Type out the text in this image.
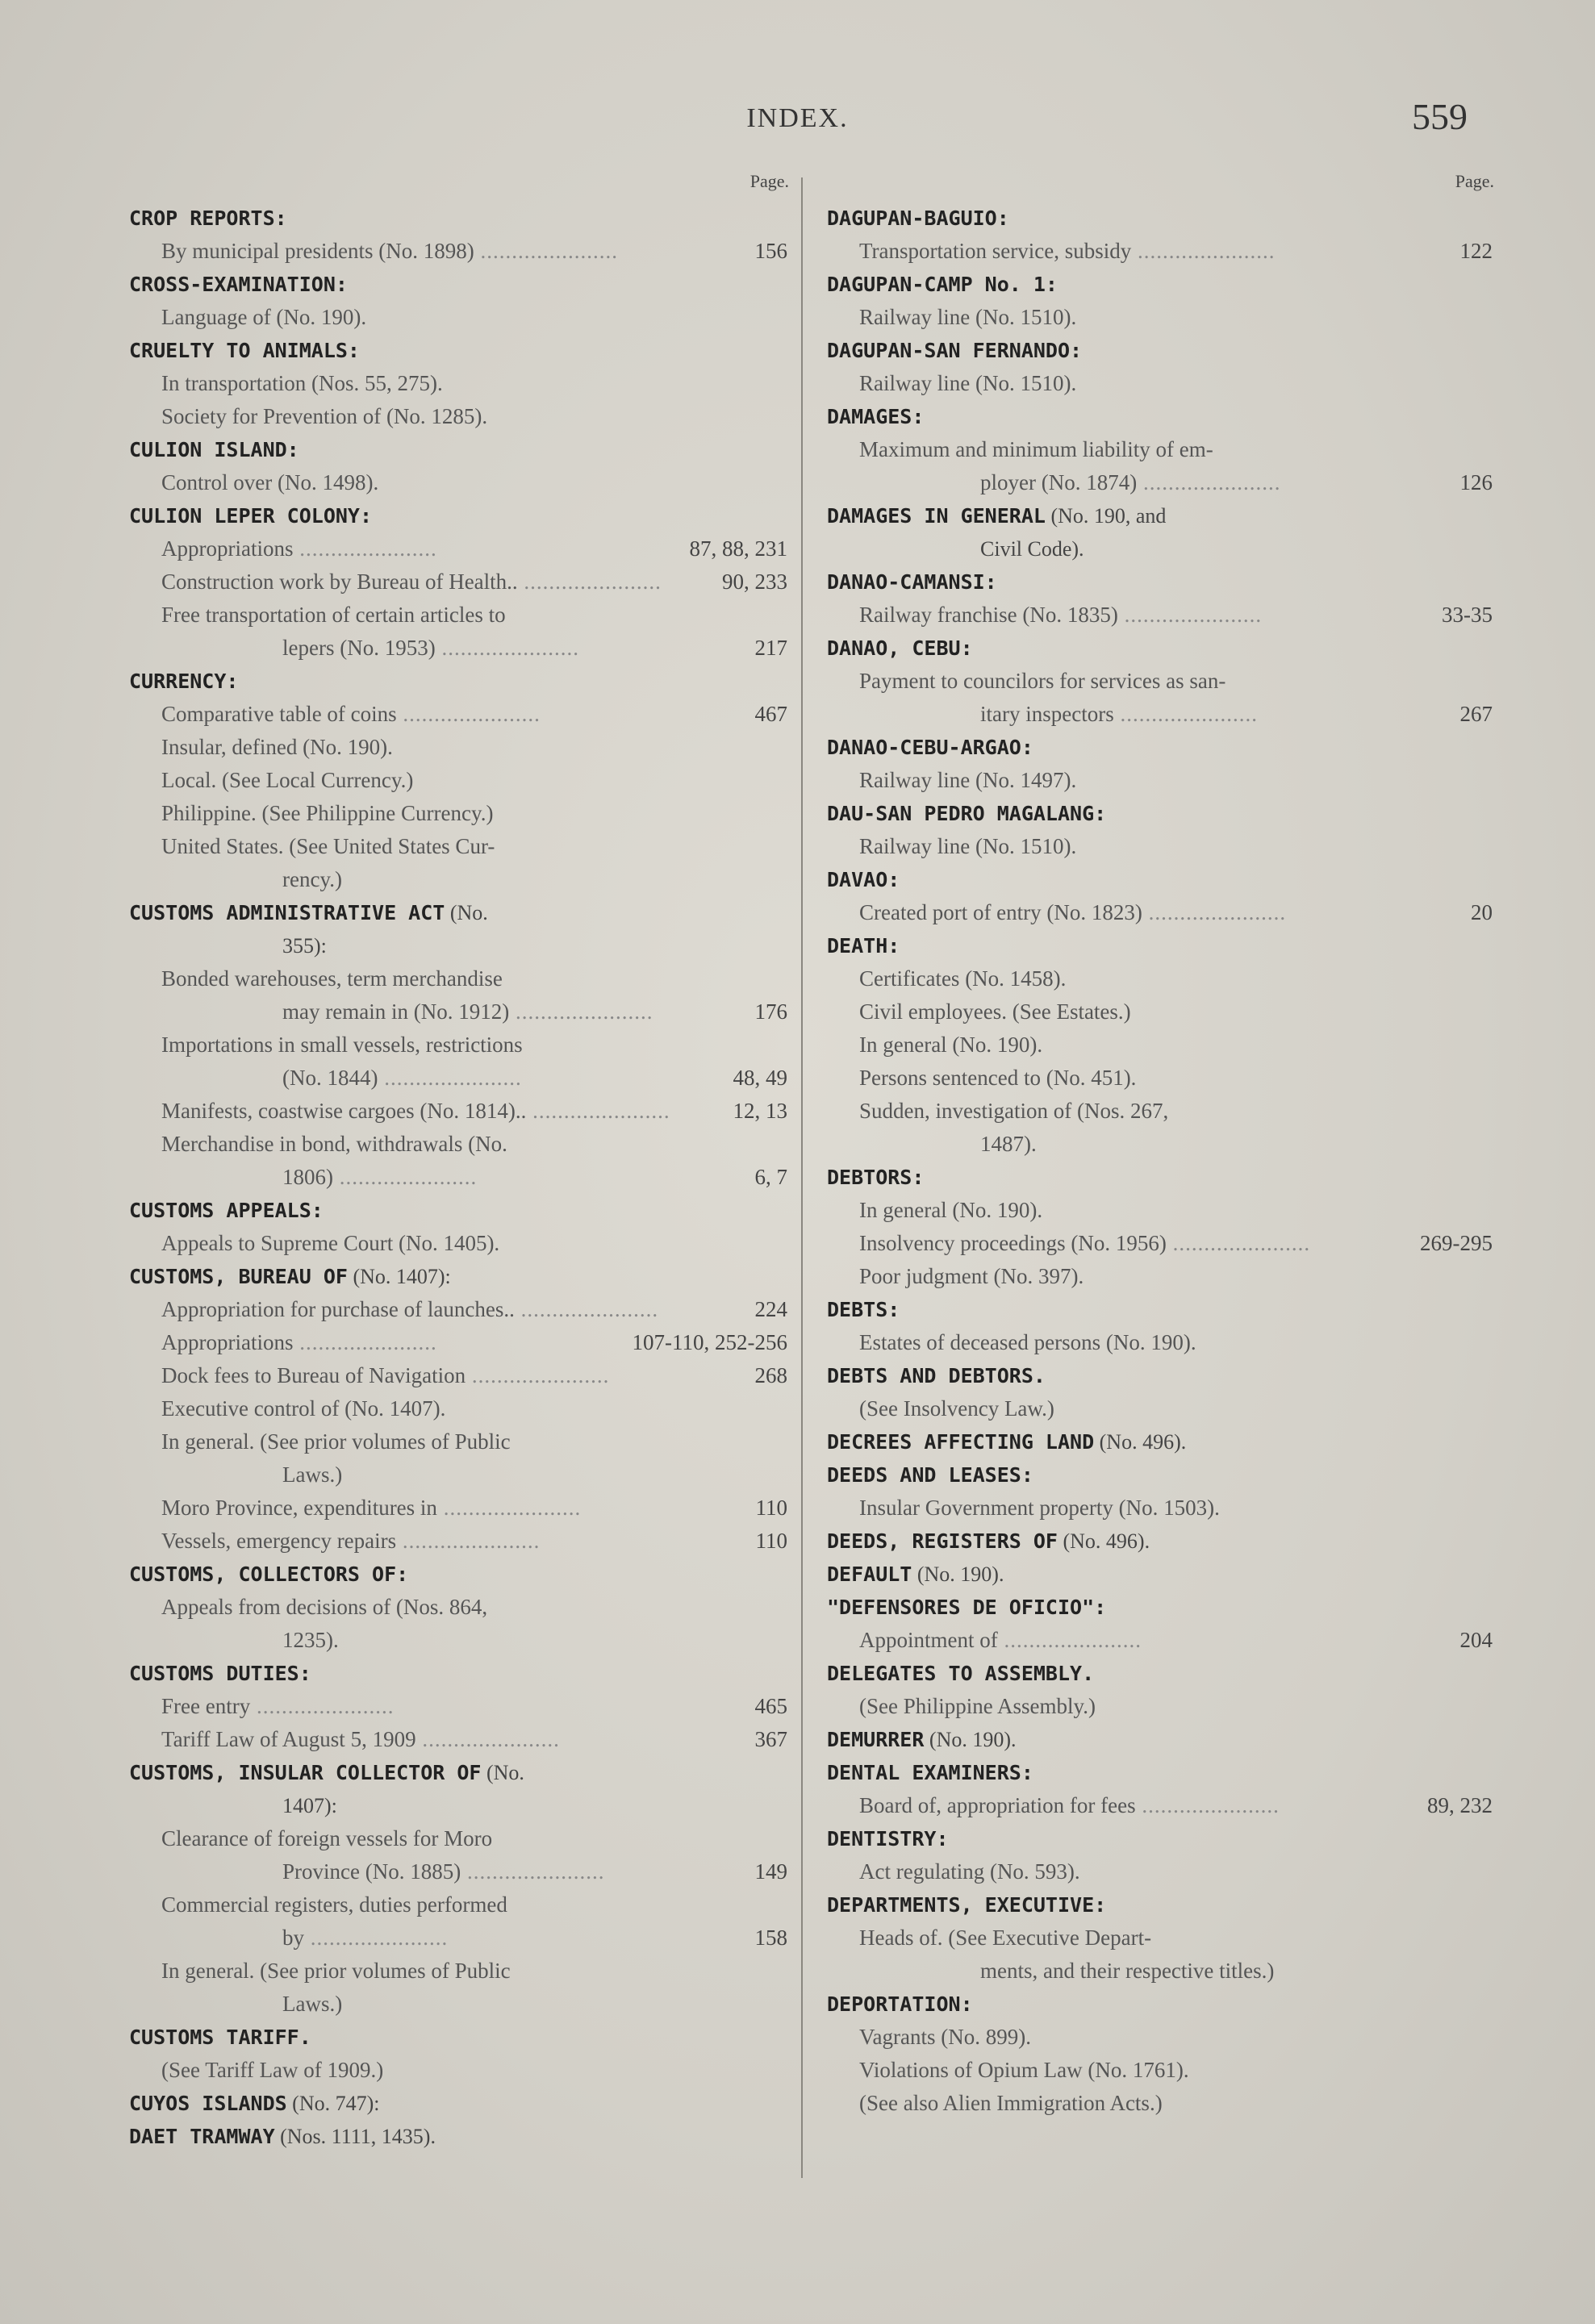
INDEX.	559
Page.
CROP REPORTS:
By municipal presidents (No. 1898) .....	156
CROSS-EXAMINATION:
Language of (No. 190).
CRUELTY TO ANIMALS:
In transportation (Nos. 55, 275).
Society for Prevention of (No. 1285).
CULION ISLAND:
Control over (No. 1498).
CULION LEPER COLONY:
Appropriations .....	87, 88, 231
Construction work by Bureau of Health.. .....	90, 233
Free transportation of certain articles to
lepers (No. 1953) .....	217
CURRENCY:
Comparative table of coins .....	467
Insular, defined (No. 190).
Local. (See Local Currency.)
Philippine. (See Philippine Currency.)
United States. (See United States Cur-
rency.)
CUSTOMS ADMINISTRATIVE ACT (No.
355):
Bonded warehouses, term merchandise
may remain in (No. 1912) .....	176
Importations in small vessels, restrictions
(No. 1844) .....	48, 49
Manifests, coastwise cargoes (No. 1814).. .....	12, 13
Merchandise in bond, withdrawals (No.
1806) .....	6, 7
CUSTOMS APPEALS:
Appeals to Supreme Court (No. 1405).
CUSTOMS, BUREAU OF (No. 1407):
Appropriation for purchase of launches.. .....	224
Appropriations .....	107-110, 252-256
Dock fees to Bureau of Navigation .....	268
Executive control of (No. 1407).
In general. (See prior volumes of Public
Laws.)
Moro Province, expenditures in .....	110
Vessels, emergency repairs .....	110
CUSTOMS, COLLECTORS OF:
Appeals from decisions of (Nos. 864,
1235).
CUSTOMS DUTIES:
Free entry .....	465
Tariff Law of August 5, 1909 .....	367
CUSTOMS, INSULAR COLLECTOR OF (No.
1407):
Clearance of foreign vessels for Moro
Province (No. 1885) .....	149
Commercial registers, duties performed
by .....	158
In general. (See prior volumes of Public
Laws.)
CUSTOMS TARIFF.
(See Tariff Law of 1909.)
CUYOS ISLANDS (No. 747):
DAET TRAMWAY (Nos. 1111, 1435).
Page.
DAGUPAN-BAGUIO:
Transportation service, subsidy .....	122
DAGUPAN-CAMP No. 1:
Railway line (No. 1510).
DAGUPAN-SAN FERNANDO:
Railway line (No. 1510).
DAMAGES:
Maximum and minimum liability of em-
ployer (No. 1874) .....	126
DAMAGES IN GENERAL (No. 190, and
Civil Code).
DANAO-CAMANSI:
Railway franchise (No. 1835) .....	33-35
DANAO, CEBU:
Payment to councilors for services as san-
itary inspectors .....	267
DANAO-CEBU-ARGAO:
Railway line (No. 1497).
DAU-SAN PEDRO MAGALANG:
Railway line (No. 1510).
DAVAO:
Created port of entry (No. 1823) .....	20
DEATH:
Certificates (No. 1458).
Civil employees. (See Estates.)
In general (No. 190).
Persons sentenced to (No. 451).
Sudden, investigation of (Nos. 267,
1487).
DEBTORS:
In general (No. 190).
Insolvency proceedings (No. 1956) .....	269-295
Poor judgment (No. 397).
DEBTS:
Estates of deceased persons (No. 190).
DEBTS AND DEBTORS.
(See Insolvency Law.)
DECREES AFFECTING LAND (No. 496).
DEEDS AND LEASES:
Insular Government property (No. 1503).
DEEDS, REGISTERS OF (No. 496).
DEFAULT (No. 190).
"DEFENSORES DE OFICIO":
Appointment of .....	204
DELEGATES TO ASSEMBLY.
(See Philippine Assembly.)
DEMURRER (No. 190).
DENTAL EXAMINERS:
Board of, appropriation for fees .....	89, 232
DENTISTRY:
Act regulating (No. 593).
DEPARTMENTS, EXECUTIVE:
Heads of. (See Executive Depart-
ments, and their respective titles.)
DEPORTATION:
Vagrants (No. 899).
Violations of Opium Law (No. 1761).
(See also Alien Immigration Acts.)
